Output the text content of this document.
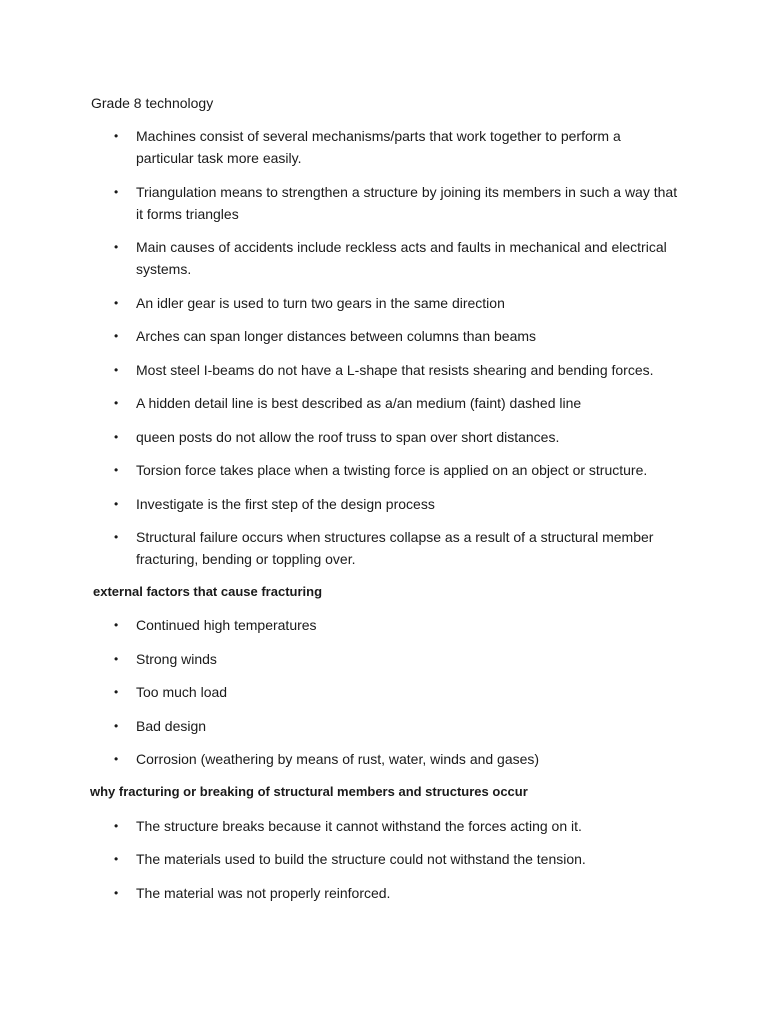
Grade 8 technology
• Machines consist of several mechanisms/parts that work together to perform a particular task more easily.
• Triangulation means to strengthen a structure by joining its members in such a way that it forms triangles
• Main causes of accidents include reckless acts and faults in mechanical and electrical systems.
• An idler gear is used to turn two gears in the same direction
• Arches can span longer distances between columns than beams
• Most steel I-beams do not have a L-shape that resists shearing and bending forces.
• A hidden detail line is best described as a/an medium (faint) dashed line
• queen posts do not allow the roof truss to span over short distances.
• Torsion force takes place when a twisting force is applied on an object or structure.
• Investigate is the first step of the design process
• Structural failure occurs when structures collapse as a result of a structural member fracturing, bending or toppling over.
external factors that cause fracturing
• Continued high temperatures
• Strong winds
• Too much load
• Bad design
• Corrosion (weathering by means of rust, water, winds and gases)
why fracturing or breaking of structural members and structures occur
• The structure breaks because it cannot withstand the forces acting on it.
• The materials used to build the structure could not withstand the tension.
• The material was not properly reinforced.
